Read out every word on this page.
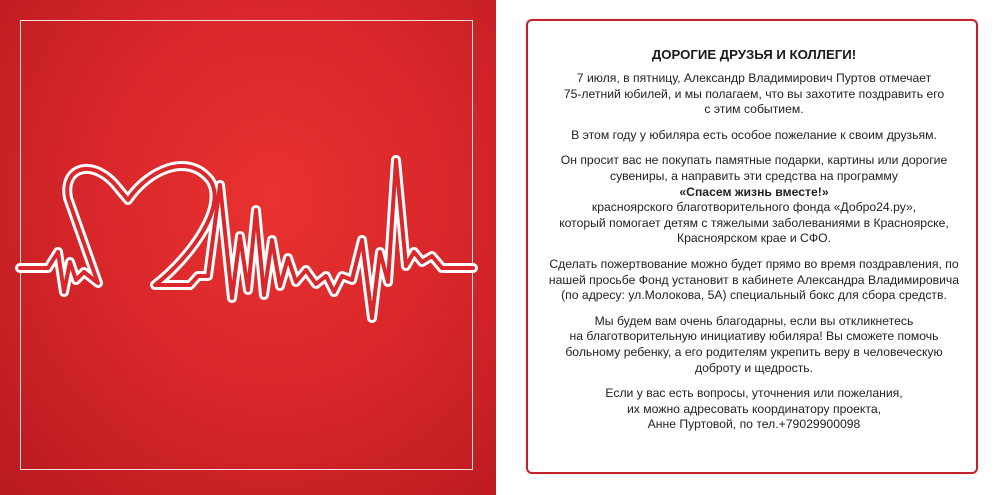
ДОРОГИЕ ДРУЗЬЯ И КОЛЛЕГИ!
7 июля, в пятницу, Александр Владимирович Пуртов отмечает
75-летний юбилей, и мы полагаем, что вы захотите поздравить его
с этим событием.
В этом году у юбиляра есть особое пожелание к своим друзьям.
Он просит вас не покупать памятные подарки, картины или дорогие
сувениры, а направить эти средства на программу
«Спасем жизнь вместе!»
красноярского благотворительного фонда «Добро24.ру»,
который помогает детям с тяжелыми заболеваниями в Красноярске,
Красноярском крае и СФО.
Сделать пожертвование можно будет прямо во время поздравления, по
нашей просьбе Фонд установит в кабинете Александра Владимировича
(по адресу: ул.Молокова, 5А) специальный бокс для сбора средств.
Мы будем вам очень благодарны, если вы откликнетесь
на благотворительную инициативу юбиляра! Вы сможете помочь
больному ребенку, а его родителям укрепить веру в человеческую
доброту и щедрость.
Если у вас есть вопросы, уточнения или пожелания,
их можно адресовать координатору проекта,
Анне Пуртовой, по тел.+79029900098
